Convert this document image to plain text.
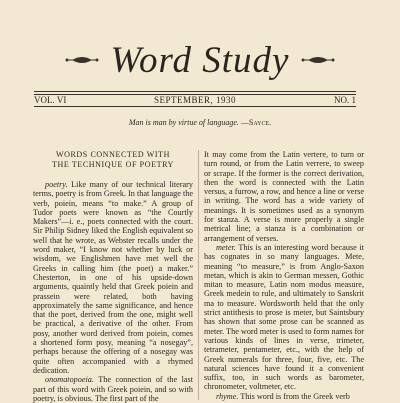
Word Study
VOL. VI	SEPTEMBER, 1930	NO. 1
Man is man by virtue of language. —Sayce.
WORDS CONNECTED WITH
THE TECHNIQUE OF POETRY

poetry. Like many of our technical literary terms, poetry is from Greek. In that language the verb, poiein, means “to make.” A group of Tudor poets were known as “the Courtly Makers”—i. e., poets connected with the court. Sir Philip Sidney liked the English equivalent so well that he wrote, as Webster recalls under the word maker, “I know not whether by luck or wisdom, we Englishmen have met well the Greeks in calling him (the poet) a maker.” Chesterton, in one of his upside-down arguments, quaintly held that Greek poiein and prassein were related, both having approximately the same significance, and hence that the poet, derived from the one, might well be practical, a derivative of the other. From posy, another word derived from poiein, comes a shortened form posy, meaning “a nosegay”, perhaps because the offering of a nosegay was quite often accompanied with a rhymed dedication.

onomatopoeia. The connection of the last part of this word with Greek poiein, and so with poetry, is obvious. The first part of the

It may come from the Latin vertere, to turn or turn round, or from the Latin verrere, to sweep or scrape. If the former is the correct derivation, then the word is connected with the Latin versus, a furrow, a row, and hence a line or verse in writing. The word has a wide variety of meanings. It is sometimes used as a synonym for stanza. A verse is more properly a single metrical line; a stanza is a combination or arrangement of verses.

meter. This is an interesting word because it has cognates in so many languages. Mete, meaning “to measure,” is from Anglo-Saxon metan, which is akin to German messen, Gothic mitan to measure, Latin nom modus measure, Greek medein to rule, and ultimately to Sanskrit ma to measure. Wordsworth held that the only strict antithesis to prose is meter, but Saintsbury has shown that some prose can be scanned as meter. The word meter is used to form names for various kinds of lines in verse, trimeter, tetrameter, pentameter, etc., with the help of Greek numerals for three, four, five, etc. The natural sciences have found it a convenient suffix, too, in such words as barometer, chronometer, voltmeter, etc.

rhyme. This word is from the Greek verb
